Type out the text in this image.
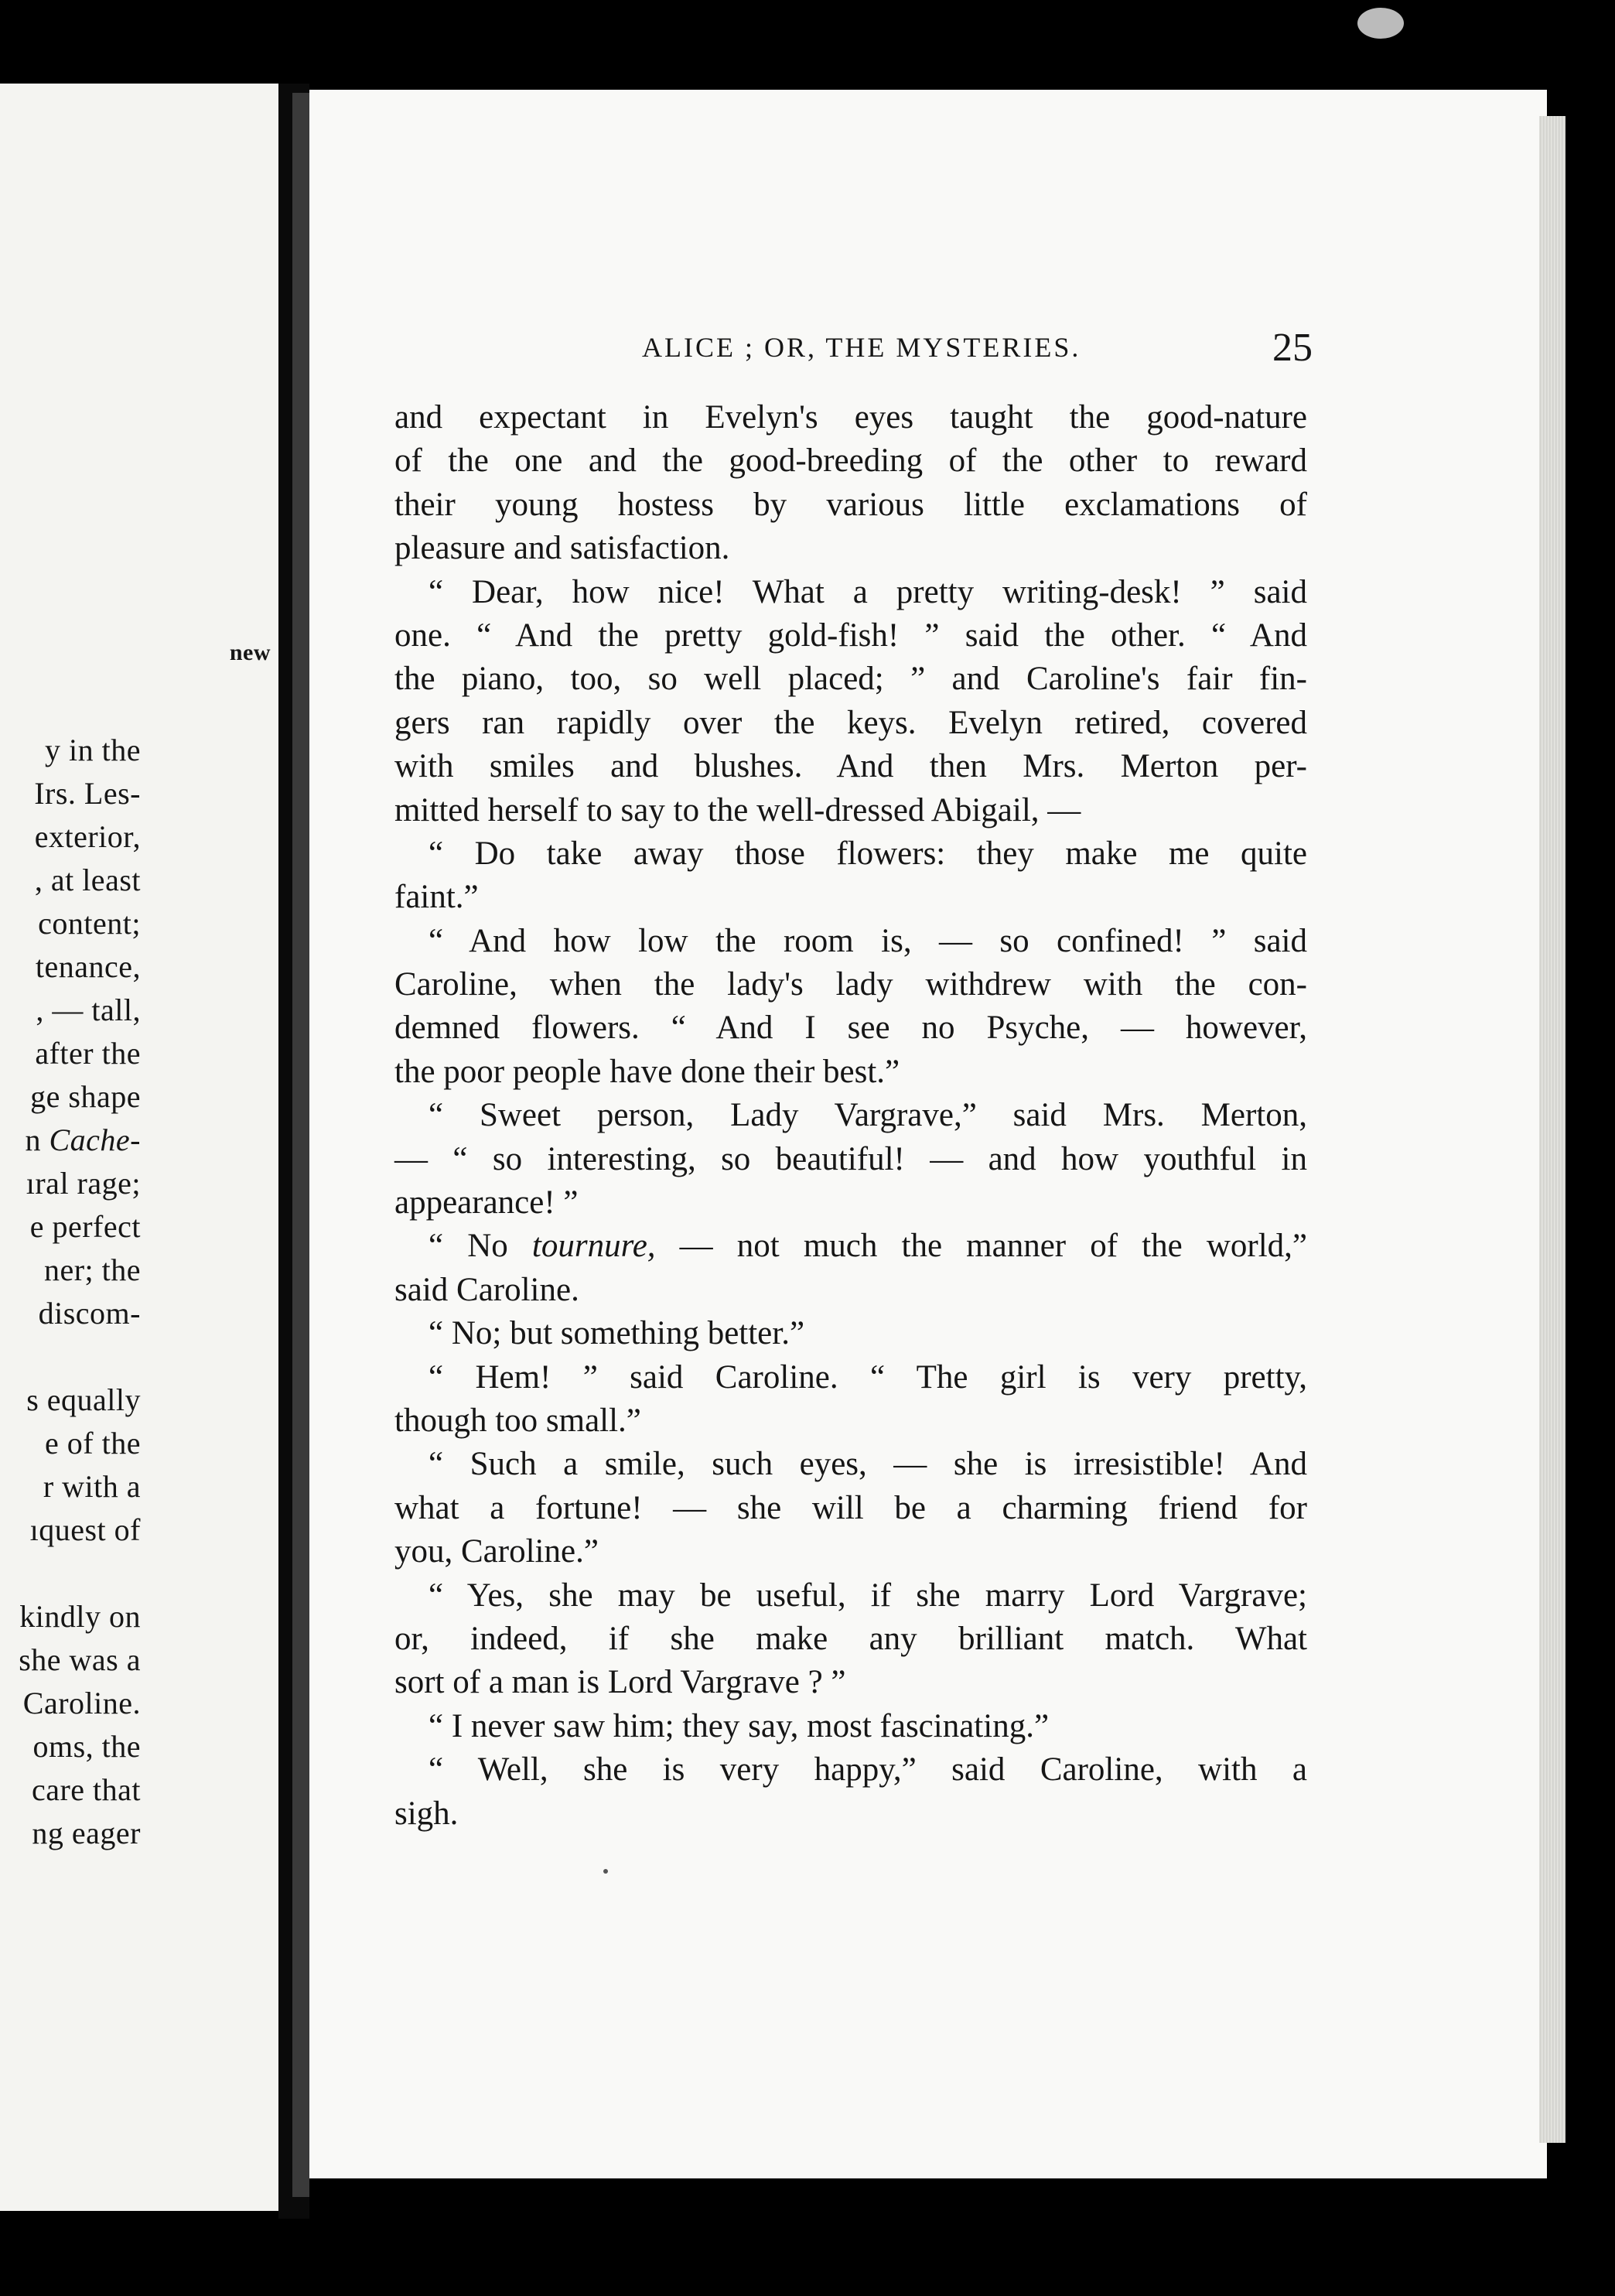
new
y in the
Irs. Les-
exterior,
, at least
content;
tenance,
, — tall,
after the
ge shape
n Cache-
ıral rage;
e perfect
ner; the
discom-
s equally
e of the
r with a
ıquest of
kindly on
she was a
Caroline.
oms, the
care that
ng eager
ALICE ; OR, THE MYSTERIES.	25
and expectant in Evelyn's eyes taught the good-nature
of the one and the good-breeding of the other to reward
their young hostess by various little exclamations of
pleasure and satisfaction.
“ Dear, how nice! What a pretty writing-desk! ” said
one. “ And the pretty gold-fish! ” said the other. “ And
the piano, too, so well placed; ” and Caroline's fair fin-
gers ran rapidly over the keys. Evelyn retired, covered
with smiles and blushes. And then Mrs. Merton per-
mitted herself to say to the well-dressed Abigail, —
“ Do take away those flowers: they make me quite
faint.”
“ And how low the room is, — so confined! ” said
Caroline, when the lady's lady withdrew with the con-
demned flowers. “ And I see no Psyche, — however,
the poor people have done their best.”
“ Sweet person, Lady Vargrave,” said Mrs. Merton,
— “ so interesting, so beautiful! — and how youthful in
appearance! ”
“ No tournure, — not much the manner of the world,”
said Caroline.
“ No; but something better.”
“ Hem! ” said Caroline. “ The girl is very pretty,
though too small.”
“ Such a smile, such eyes, — she is irresistible! And
what a fortune! — she will be a charming friend for
you, Caroline.”
“ Yes, she may be useful, if she marry Lord Vargrave;
or, indeed, if she make any brilliant match. What
sort of a man is Lord Vargrave ? ”
“ I never saw him; they say, most fascinating.”
“ Well, she is very happy,” said Caroline, with a
sigh.
